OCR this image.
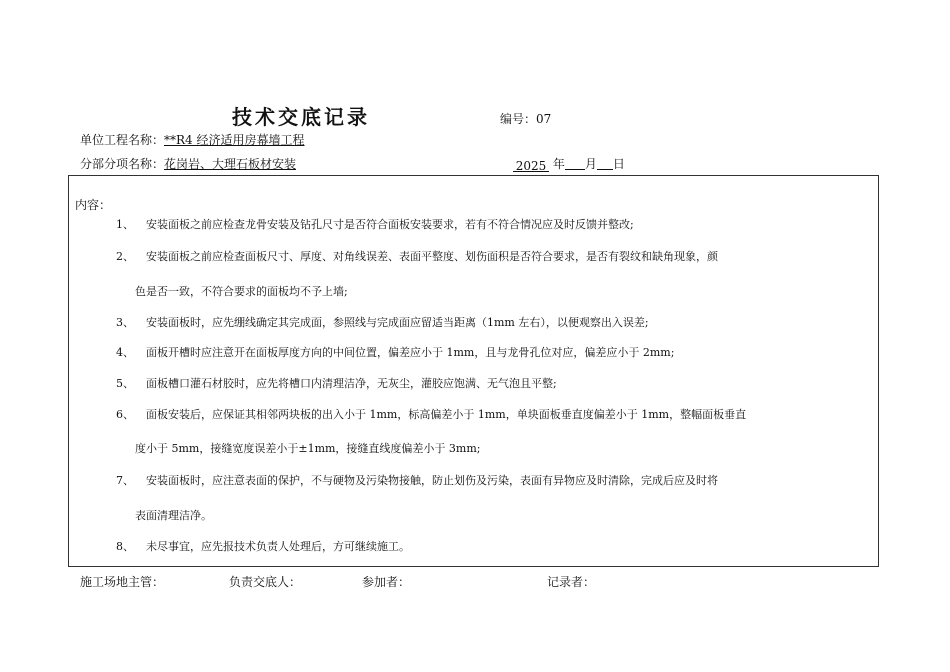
技术交底记录	编号：07
单位工程名称：**R4 经济适用房幕墙工程
分部分项名称：花岗岩、大理石板材安装	2025 年 月 日
内容：
1、 安装面板之前应检查龙骨安装及钻孔尺寸是否符合面板安装要求，若有不符合情况应及时反馈并整改;
2、 安装面板之前应检查面板尺寸、厚度、对角线误差、表面平整度、划伤面积是否符合要求，是否有裂纹和缺角现象，颜
色是否一致，不符合要求的面板均不予上墙;
3、 安装面板时，应先绷线确定其完成面，参照线与完成面应留适当距离（1mm 左右），以便观察出入误差;
4、 面板开槽时应注意开在面板厚度方向的中间位置，偏差应小于 1mm，且与龙骨孔位对应，偏差应小于 2mm;
5、 面板槽口灌石材胶时，应先将槽口内清理洁净，无灰尘，灌胶应饱满、无气泡且平整;
6、 面板安装后，应保证其相邻两块板的出入小于 1mm，标高偏差小于 1mm，单块面板垂直度偏差小于 1mm，整幅面板垂直
度小于 5mm，接缝宽度误差小于±1mm，接缝直线度偏差小于 3mm;
7、 安装面板时，应注意表面的保护，不与硬物及污染物接触，防止划伤及污染，表面有异物应及时清除，完成后应及时将
表面清理洁净。
8、 未尽事宜，应先报技术负责人处理后，方可继续施工。
施工场地主管：	负责交底人：	参加者：	记录者：
